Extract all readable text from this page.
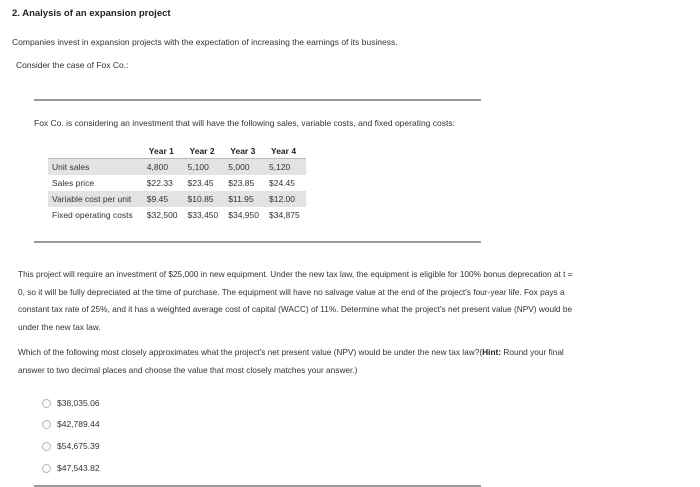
2. Analysis of an expansion project
Companies invest in expansion projects with the expectation of increasing the earnings of its business.
Consider the case of Fox Co.:
Fox Co. is considering an investment that will have the following sales, variable costs, and fixed operating costs:
	Year 1	Year 2	Year 3	Year 4
Unit sales	4,800	5,100	5,000	5,120
Sales price	$22.33	$23.45	$23.85	$24.45
Variable cost per unit	$9.45	$10.85	$11.95	$12.00
Fixed operating costs	$32,500	$33,450	$34,950	$34,875
This project will require an investment of $25,000 in new equipment. Under the new tax law, the equipment is eligible for 100% bonus deprecation at t =
0, so it will be fully depreciated at the time of purchase. The equipment will have no salvage value at the end of the project's four-year life. Fox pays a
constant tax rate of 25%, and it has a weighted average cost of capital (WACC) of 11%. Determine what the project's net present value (NPV) would be
under the new tax law.
Which of the following most closely approximates what the project's net present value (NPV) would be under the new tax law?(Hint: Round your final
answer to two decimal places and choose the value that most closely matches your answer.)
$38,035.06
$42,789.44
$54,675.39
$47,543.82
